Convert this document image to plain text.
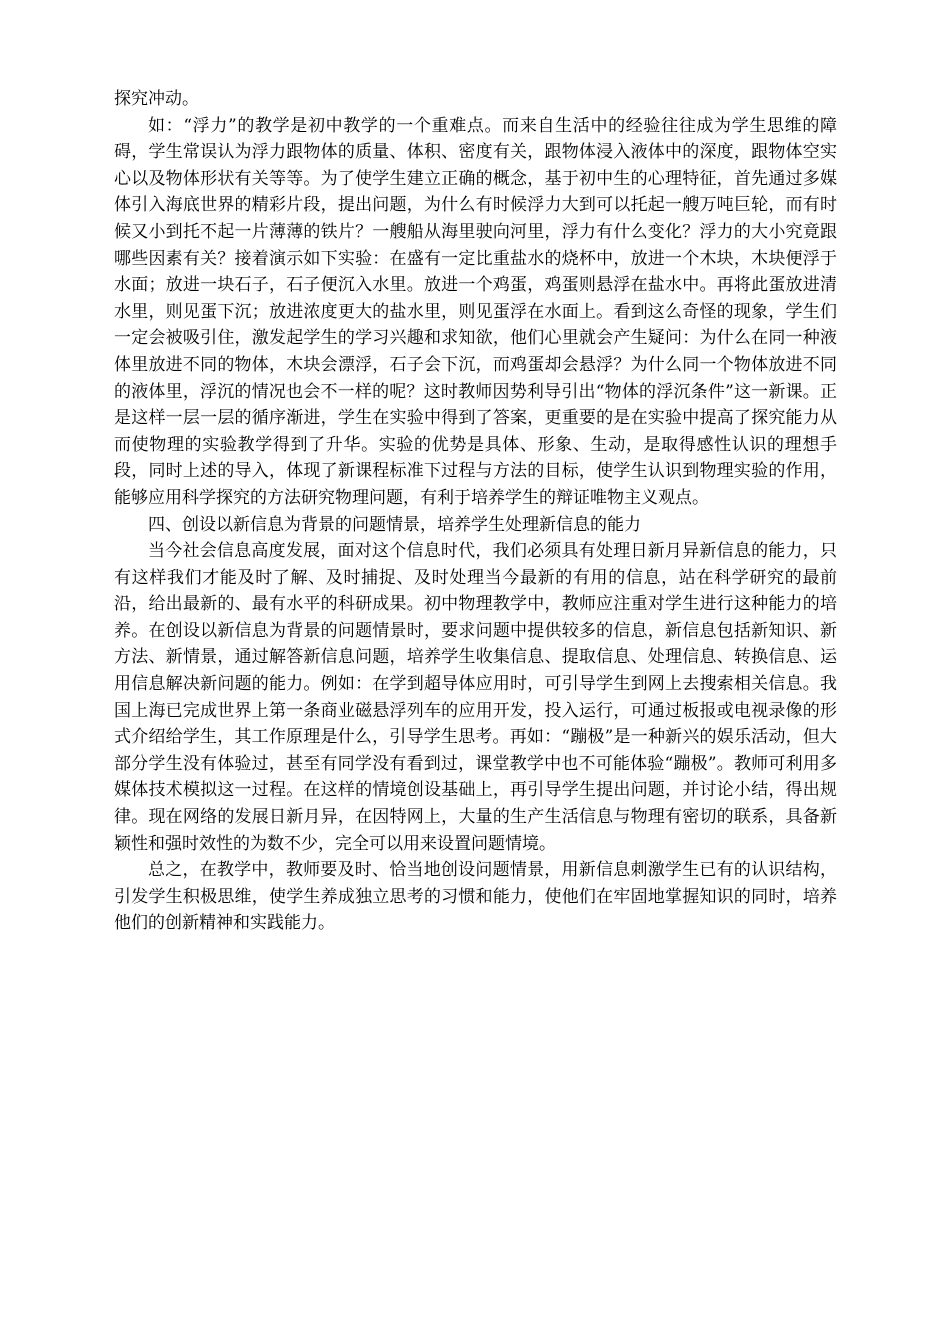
探究冲动。

如：“浮力”的教学是初中教学的一个重难点。而来自生活中的经验往往成为学生思维的障碍，学生常误认为浮力跟物体的质量、体积、密度有关，跟物体浸入液体中的深度，跟物体空实心以及物体形状有关等等。为了使学生建立正确的概念，基于初中生的心理特征，首先通过多媒体引入海底世界的精彩片段，提出问题，为什么有时候浮力大到可以托起一艘万吨巨轮，而有时候又小到托不起一片薄薄的铁片？一艘船从海里驶向河里，浮力有什么变化？浮力的大小究竟跟哪些因素有关？接着演示如下实验：在盛有一定比重盐水的烧杯中，放进一个木块，木块便浮于水面；放进一块石子，石子便沉入水里。放进一个鸡蛋，鸡蛋则悬浮在盐水中。再将此蛋放进清水里，则见蛋下沉；放进浓度更大的盐水里，则见蛋浮在水面上。看到这么奇怪的现象，学生们一定会被吸引住，激发起学生的学习兴趣和求知欲，他们心里就会产生疑问：为什么在同一种液体里放进不同的物体，木块会漂浮，石子会下沉，而鸡蛋却会悬浮？为什么同一个物体放进不同的液体里，浮沉的情况也会不一样的呢？这时教师因势利导引出“物体的浮沉条件”这一新课。正是这样一层一层的循序渐进，学生在实验中得到了答案，更重要的是在实验中提高了探究能力从而使物理的实验教学得到了升华。实验的优势是具体、形象、生动，是取得感性认识的理想手段，同时上述的导入，体现了新课程标准下过程与方法的目标，使学生认识到物理实验的作用，能够应用科学探究的方法研究物理问题，有利于培养学生的辩证唯物主义观点。

四、创设以新信息为背景的问题情景，培养学生处理新信息的能力

当今社会信息高度发展，面对这个信息时代，我们必须具有处理日新月异新信息的能力，只有这样我们才能及时了解、及时捕捉、及时处理当今最新的有用的信息，站在科学研究的最前沿，给出最新的、最有水平的科研成果。初中物理教学中，教师应注重对学生进行这种能力的培养。在创设以新信息为背景的问题情景时，要求问题中提供较多的信息，新信息包括新知识、新方法、新情景，通过解答新信息问题，培养学生收集信息、提取信息、处理信息、转换信息、运用信息解决新问题的能力。例如：在学到超导体应用时，可引导学生到网上去搜索相关信息。我国上海已完成世界上第一条商业磁悬浮列车的应用开发，投入运行，可通过板报或电视录像的形式介绍给学生，其工作原理是什么，引导学生思考。再如：“蹦极”是一种新兴的娱乐活动，但大部分学生没有体验过，甚至有同学没有看到过，课堂教学中也不可能体验“蹦极”。教师可利用多媒体技术模拟这一过程。在这样的情境创设基础上，再引导学生提出问题，并讨论小结，得出规律。现在网络的发展日新月异，在因特网上，大量的生产生活信息与物理有密切的联系，具备新颖性和强时效性的为数不少，完全可以用来设置问题情境。

总之，在教学中，教师要及时、恰当地创设问题情景，用新信息刺激学生已有的认识结构，引发学生积极思维，使学生养成独立思考的习惯和能力，使他们在牢固地掌握知识的同时，培养他们的创新精神和实践能力。
